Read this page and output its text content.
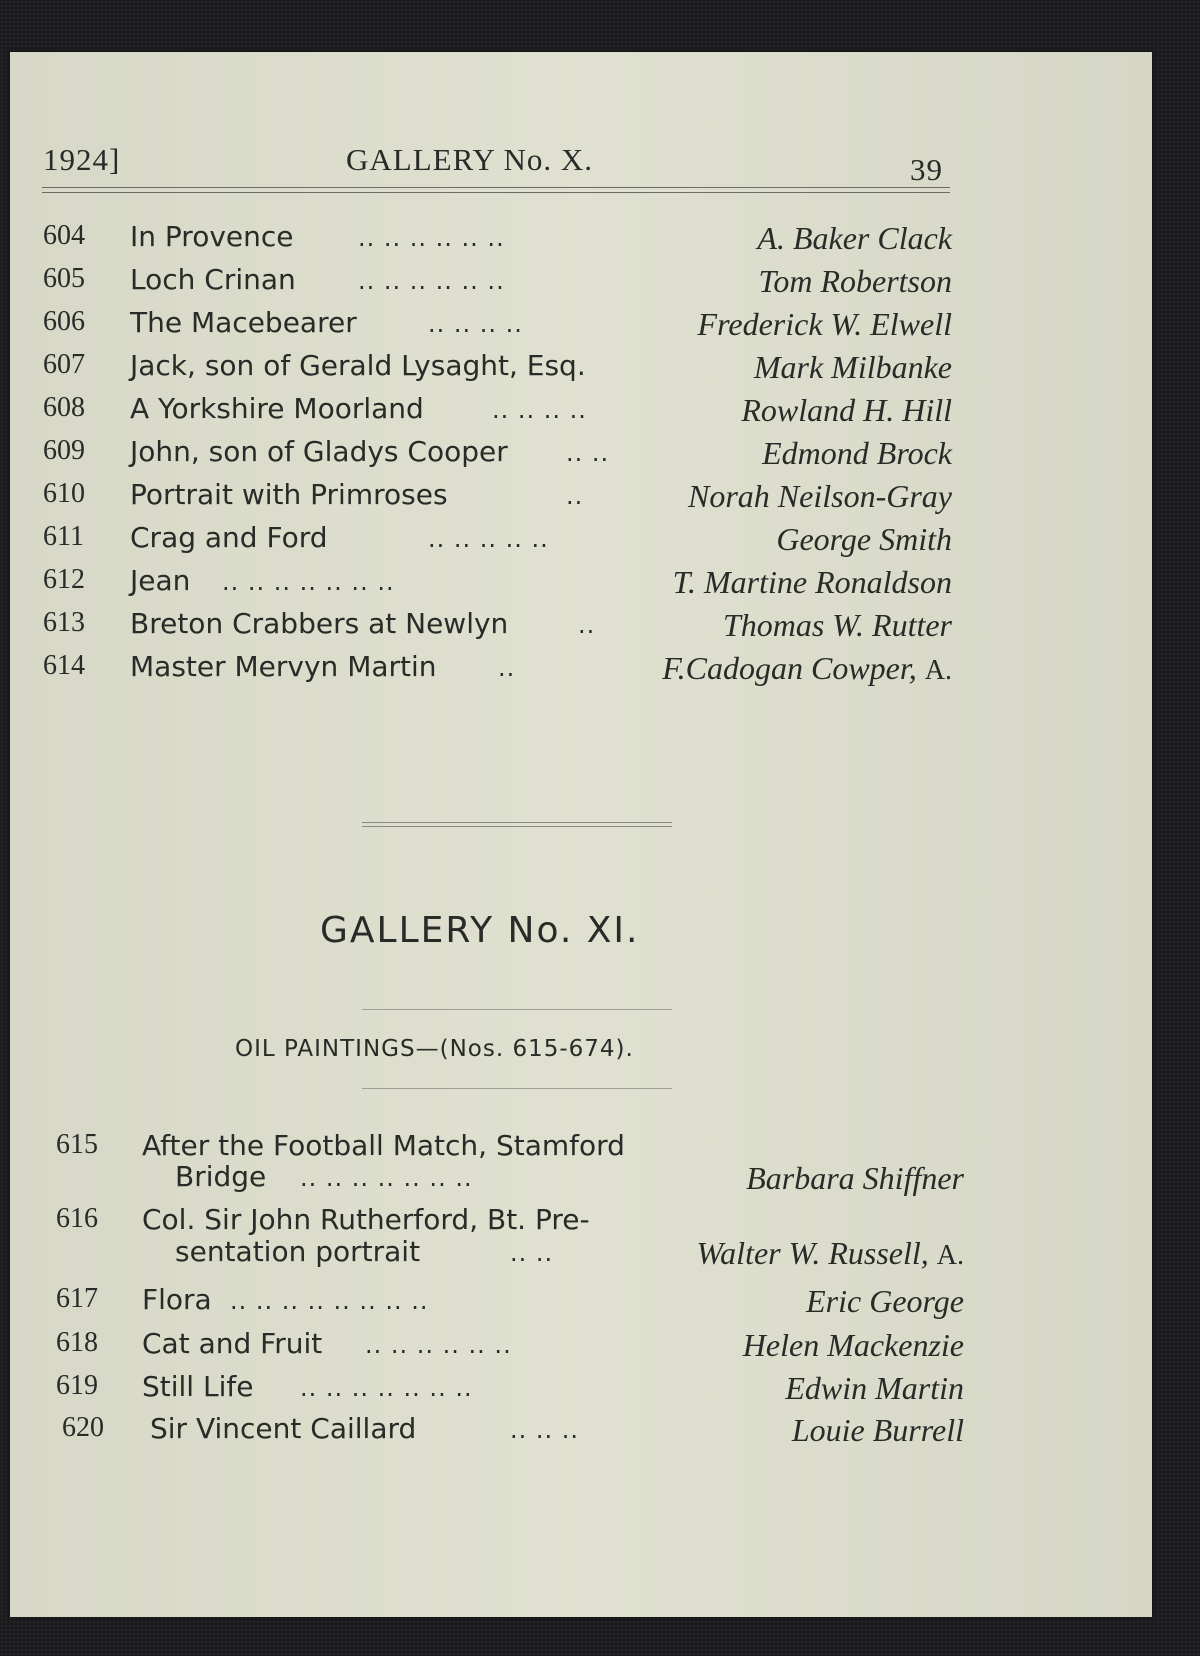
1924]	GALLERY No. X.	39
604 In Provence	.. .. .. .. .. ..	A. Baker Clack
605 Loch Crinan	.. .. .. .. .. ..	Tom Robertson
606 The Macebearer	.. .. .. ..	Frederick W. Elwell
607 Jack, son of Gerald Lysaght, Esq.	Mark Milbanke
608 A Yorkshire Moorland	.. .. .. ..	Rowland H. Hill
609 John, son of Gladys Cooper .. ..	Edmond Brock
610 Portrait with Primroses	..	Norah Neilson-Gray
611 Crag and Ford	.. .. .. .. ..	George Smith
612 Jean .. .. .. .. .. .. ..	T. Martine Ronaldson
613 Breton Crabbers at Newlyn	..	Thomas W. Rutter
614 Master Mervyn Martin	..	F.Cadogan Cowper, A.
GALLERY No. XI.
OIL PAINTINGS—(Nos. 615-674).
615 After the Football Match, Stamford
Bridge .. .. .. .. .. .. ..	Barbara Shiffner
616 Col. Sir John Rutherford, Bt. Pre-
sentation portrait	.. ..	Walter W. Russell, A.
617 Flora .. .. .. .. .. .. .. ..	Eric George
618 Cat and Fruit .. .. .. .. .. ..	Helen Mackenzie
619 Still Life .. .. .. .. .. .. ..	Edwin Martin
620 Sir Vincent Caillard	.. .. ..	Louie Burrell
